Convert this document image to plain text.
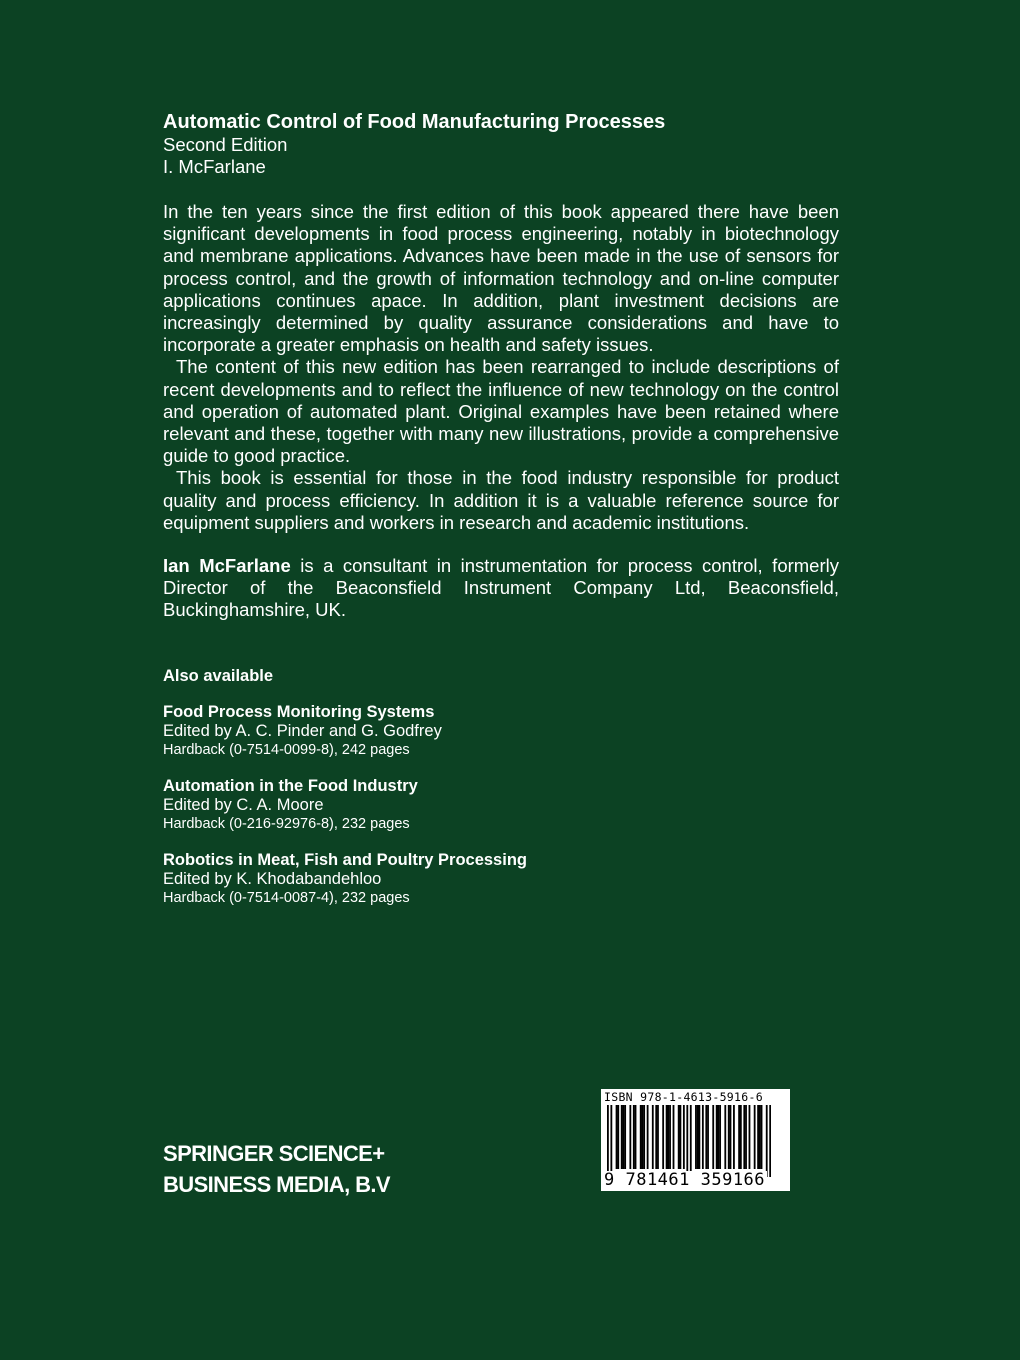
Automatic Control of Food Manufacturing Processes
Second Edition
I. McFarlane

In the ten years since the first edition of this book appeared there have been significant developments in food process engineering, notably in biotechnology and membrane applications. Advances have been made in the use of sensors for process control, and the growth of information technology and on-line computer applications continues apace. In addition, plant investment decisions are increasingly determined by quality assurance considerations and have to incorporate a greater emphasis on health and safety issues.

The content of this new edition has been rearranged to include descriptions of recent developments and to reflect the influence of new technology on the control and operation of automated plant. Original examples have been retained where relevant and these, together with many new illustrations, provide a comprehensive guide to good practice.

This book is essential for those in the food industry responsible for product quality and process efficiency. In addition it is a valuable reference source for equipment suppliers and workers in research and academic institutions.

Ian McFarlane is a consultant in instrumentation for process control, formerly Director of the Beaconsfield Instrument Company Ltd, Beaconsfield, Buckinghamshire, UK.
Also available
Food Process Monitoring Systems
Edited by A. C. Pinder and G. Godfrey
Hardback (0-7514-0099-8), 242 pages
Automation in the Food Industry
Edited by C. A. Moore
Hardback (0-216-92976-8), 232 pages
Robotics in Meat, Fish and Poultry Processing
Edited by K. Khodabandehloo
Hardback (0-7514-0087-4), 232 pages
SPRINGER SCIENCE+
BUSINESS MEDIA, B.V
ISBN 978-1-4613-5916-6
9 781461 359166
